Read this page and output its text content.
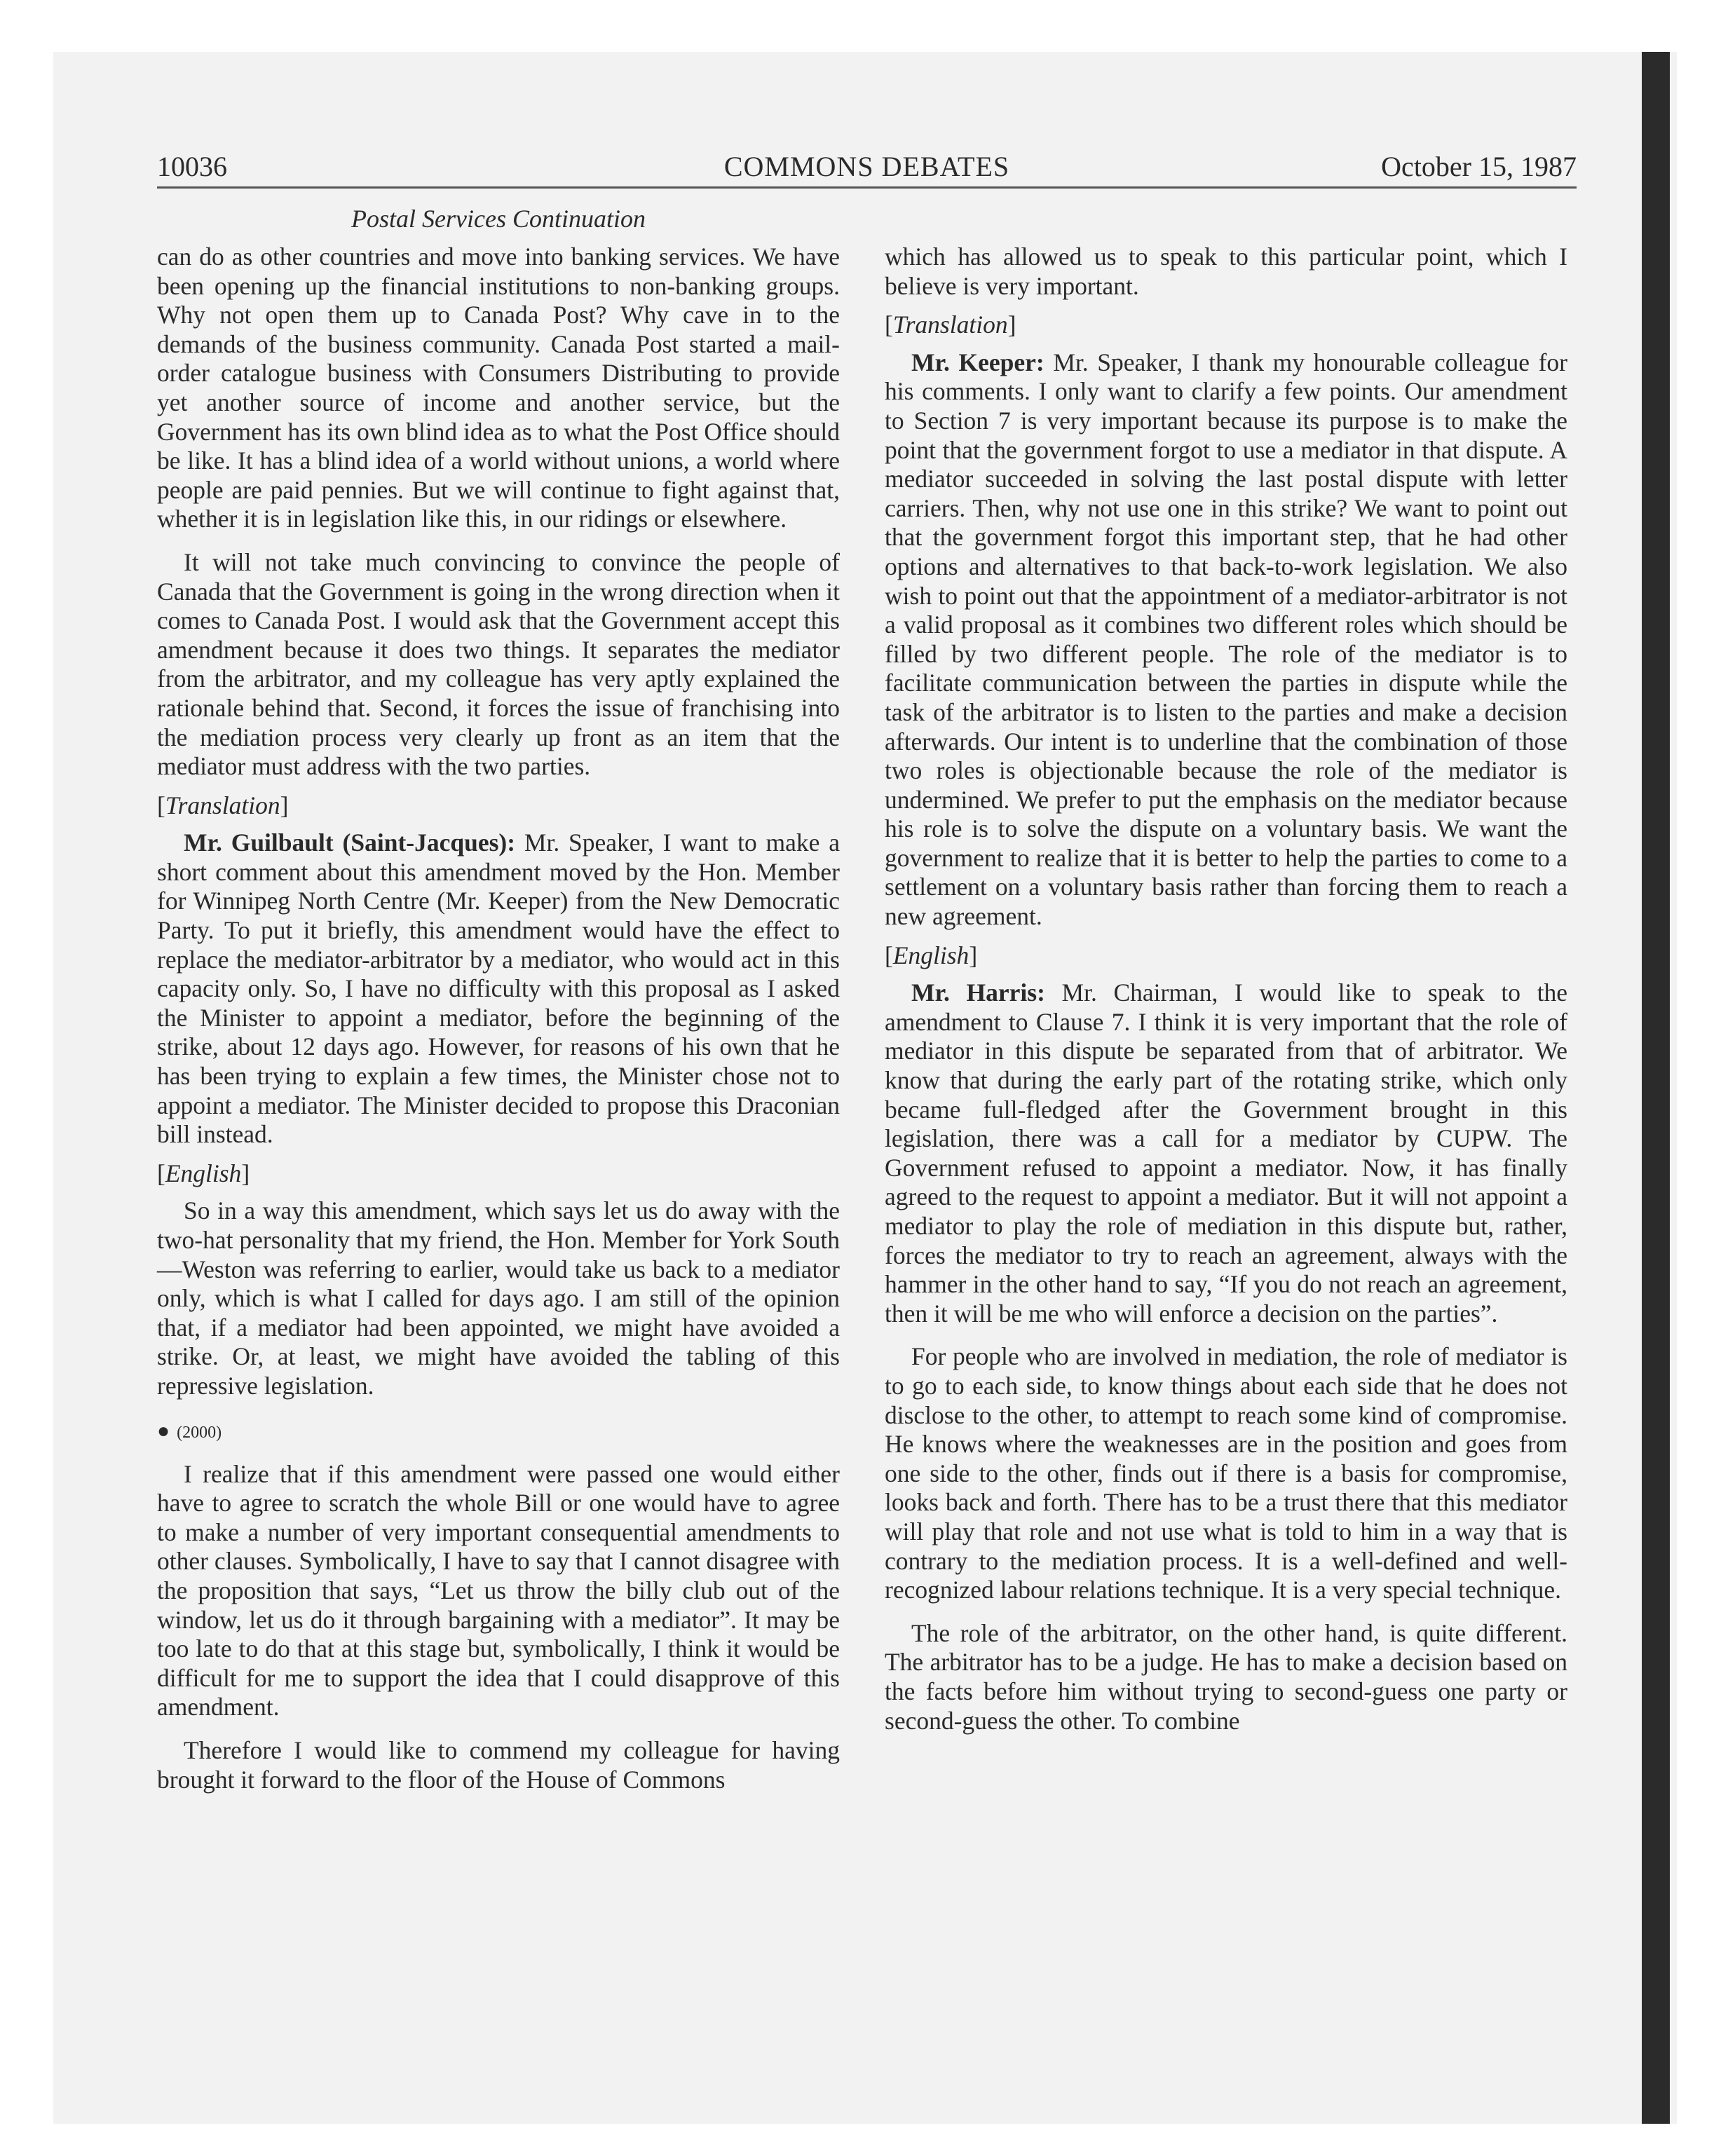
10036	COMMONS DEBATES	October 15, 1987
Postal Services Continuation

can do as other countries and move into banking services. We have been opening up the financial institutions to non-banking groups. Why not open them up to Canada Post? Why cave in to the demands of the business community. Canada Post started a mail-order catalogue business with Consumers Distributing to provide yet another source of income and another service, but the Government has its own blind idea as to what the Post Office should be like. It has a blind idea of a world without unions, a world where people are paid pennies. But we will continue to fight against that, whether it is in legislation like this, in our ridings or elsewhere.

It will not take much convincing to convince the people of Canada that the Government is going in the wrong direction when it comes to Canada Post. I would ask that the Government accept this amendment because it does two things. It separates the mediator from the arbitrator, and my colleague has very aptly explained the rationale behind that. Second, it forces the issue of franchising into the mediation process very clearly up front as an item that the mediator must address with the two parties.

[Translation]

Mr. Guilbault (Saint-Jacques): Mr. Speaker, I want to make a short comment about this amendment moved by the Hon. Member for Winnipeg North Centre (Mr. Keeper) from the New Democratic Party. To put it briefly, this amendment would have the effect to replace the mediator-arbitrator by a mediator, who would act in this capacity only. So, I have no difficulty with this proposal as I asked the Minister to appoint a mediator, before the beginning of the strike, about 12 days ago. However, for reasons of his own that he has been trying to explain a few times, the Minister chose not to appoint a mediator. The Minister decided to propose this Draconian bill instead.

[English]

So in a way this amendment, which says let us do away with the two-hat personality that my friend, the Hon. Member for York South—Weston was referring to earlier, would take us back to a mediator only, which is what I called for days ago. I am still of the opinion that, if a mediator had been appointed, we might have avoided a strike. Or, at least, we might have avoided the tabling of this repressive legislation.

● (2000)

I realize that if this amendment were passed one would either have to agree to scratch the whole Bill or one would have to agree to make a number of very important consequential amendments to other clauses. Symbolically, I have to say that I cannot disagree with the proposition that says, “Let us throw the billy club out of the window, let us do it through bargaining with a mediator”. It may be too late to do that at this stage but, symbolically, I think it would be difficult for me to support the idea that I could disapprove of this amendment.

Therefore I would like to commend my colleague for having brought it forward to the floor of the House of Commons

which has allowed us to speak to this particular point, which I believe is very important.

[Translation]

Mr. Keeper: Mr. Speaker, I thank my honourable colleague for his comments. I only want to clarify a few points. Our amendment to Section 7 is very important because its purpose is to make the point that the government forgot to use a mediator in that dispute. A mediator succeeded in solving the last postal dispute with letter carriers. Then, why not use one in this strike? We want to point out that the government forgot this important step, that he had other options and alternatives to that back-to-work legislation. We also wish to point out that the appointment of a mediator-arbitrator is not a valid proposal as it combines two different roles which should be filled by two different people. The role of the mediator is to facilitate communication between the parties in dispute while the task of the arbitrator is to listen to the parties and make a decision afterwards. Our intent is to underline that the combination of those two roles is objectionable because the role of the mediator is undermined. We prefer to put the emphasis on the mediator because his role is to solve the dispute on a voluntary basis. We want the government to realize that it is better to help the parties to come to a settlement on a voluntary basis rather than forcing them to reach a new agreement.

[English]

Mr. Harris: Mr. Chairman, I would like to speak to the amendment to Clause 7. I think it is very important that the role of mediator in this dispute be separated from that of arbitrator. We know that during the early part of the rotating strike, which only became full-fledged after the Government brought in this legislation, there was a call for a mediator by CUPW. The Government refused to appoint a mediator. Now, it has finally agreed to the request to appoint a mediator. But it will not appoint a mediator to play the role of mediation in this dispute but, rather, forces the mediator to try to reach an agreement, always with the hammer in the other hand to say, “If you do not reach an agreement, then it will be me who will enforce a decision on the parties”.

For people who are involved in mediation, the role of mediator is to go to each side, to know things about each side that he does not disclose to the other, to attempt to reach some kind of compromise. He knows where the weaknesses are in the position and goes from one side to the other, finds out if there is a basis for compromise, looks back and forth. There has to be a trust there that this mediator will play that role and not use what is told to him in a way that is contrary to the mediation process. It is a well-defined and well-recognized labour relations technique. It is a very special technique.

The role of the arbitrator, on the other hand, is quite different. The arbitrator has to be a judge. He has to make a decision based on the facts before him without trying to second-guess one party or second-guess the other. To combine
